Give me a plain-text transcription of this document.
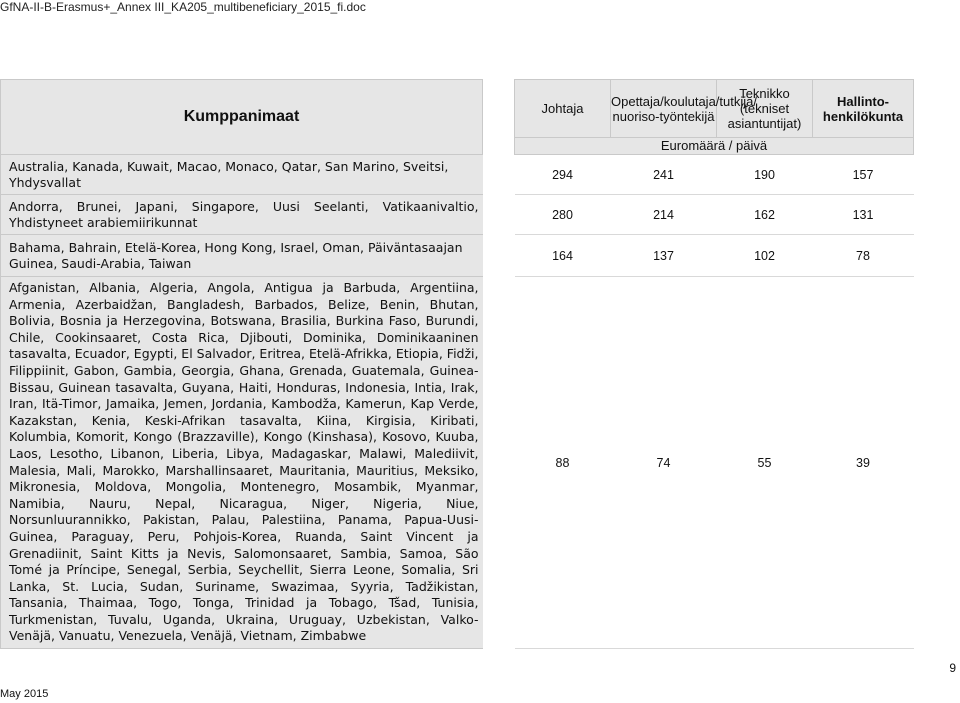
GfNA-II-B-Erasmus+_Annex III_KA205_multibeneficiary_2015_fi.doc
Kumppanimaat		Johtaja	Opettaja/koulutaja/tutkija/ nuoriso-työntekijä	Teknikko (tekniset asiantuntijat)	Hallinto-henkilökunta
		Euromäärä / päivä			
Australia, Kanada, Kuwait, Macao, Monaco, Qatar, San Marino, Sveitsi, Yhdysvallat		294	241	190	157
Andorra, Brunei, Japani, Singapore, Uusi Seelanti, Vatikaanivaltio, Yhdistyneet arabiemiirikunnat		280	214	162	131
Bahama, Bahrain, Etelä-Korea, Hong Kong, Israel, Oman, Päiväntasaajan Guinea, Saudi-Arabia, Taiwan		164	137	102	78
Afganistan, Albania, Algeria, Angola, Antigua ja Barbuda, Argentiina, Armenia, Azerbaidžan, Bangladesh, Barbados, Belize, Benin, Bhutan, Bolivia, Bosnia ja Herzegovina, Botswana, Brasilia, Burkina Faso, Burundi, Chile, Cookinsaaret, Costa Rica, Djibouti, Dominika, Dominikaaninen tasavalta, Ecuador, Egypti, El Salvador, Eritrea, Etelä-Afrikka, Etiopia, Fidži, Filippiinit, Gabon, Gambia, Georgia, Ghana, Grenada, Guatemala, Guinea-Bissau, Guinean tasavalta, Guyana, Haiti, Honduras, Indonesia, Intia, Irak, Iran, Itä-Timor, Jamaika, Jemen, Jordania, Kambodža, Kamerun, Kap Verde, Kazakstan, Kenia, Keski-Afrikan tasavalta, Kiina, Kirgisia, Kiribati, Kolumbia, Komorit, Kongo (Brazzaville), Kongo (Kinshasa), Kosovo, Kuuba, Laos, Lesotho, Libanon, Liberia, Libya, Madagaskar, Malawi, Malediivit, Malesia, Mali, Marokko, Marshallinsaaret, Mauritania, Mauritius, Meksiko, Mikronesia, Moldova, Mongolia, Montenegro, Mosambik, Myanmar, Namibia, Nauru, Nepal, Nicaragua, Niger, Nigeria, Niue, Norsunluurannikko, Pakistan, Palau, Palestiina, Panama, Papua-Uusi-Guinea, Paraguay, Peru, Pohjois-Korea, Ruanda, Saint Vincent ja Grenadiinit, Saint Kitts ja Nevis, Salomonsaaret, Sambia, Samoa, São Tomé ja Príncipe, Senegal, Serbia, Seychellit, Sierra Leone, Somalia, Sri Lanka, St. Lucia, Sudan, Suriname, Swazimaa, Syyria, Tadžikistan, Tansania, Thaimaa, Togo, Tonga, Trinidad ja Tobago, Tšad, Tunisia, Turkmenistan, Tuvalu, Uganda, Ukraina, Uruguay, Uzbekistan, Valko-Venäjä, Vanuatu, Venezuela, Venäjä, Vietnam, Zimbabwe		88	74	55	39
9
May 2015
